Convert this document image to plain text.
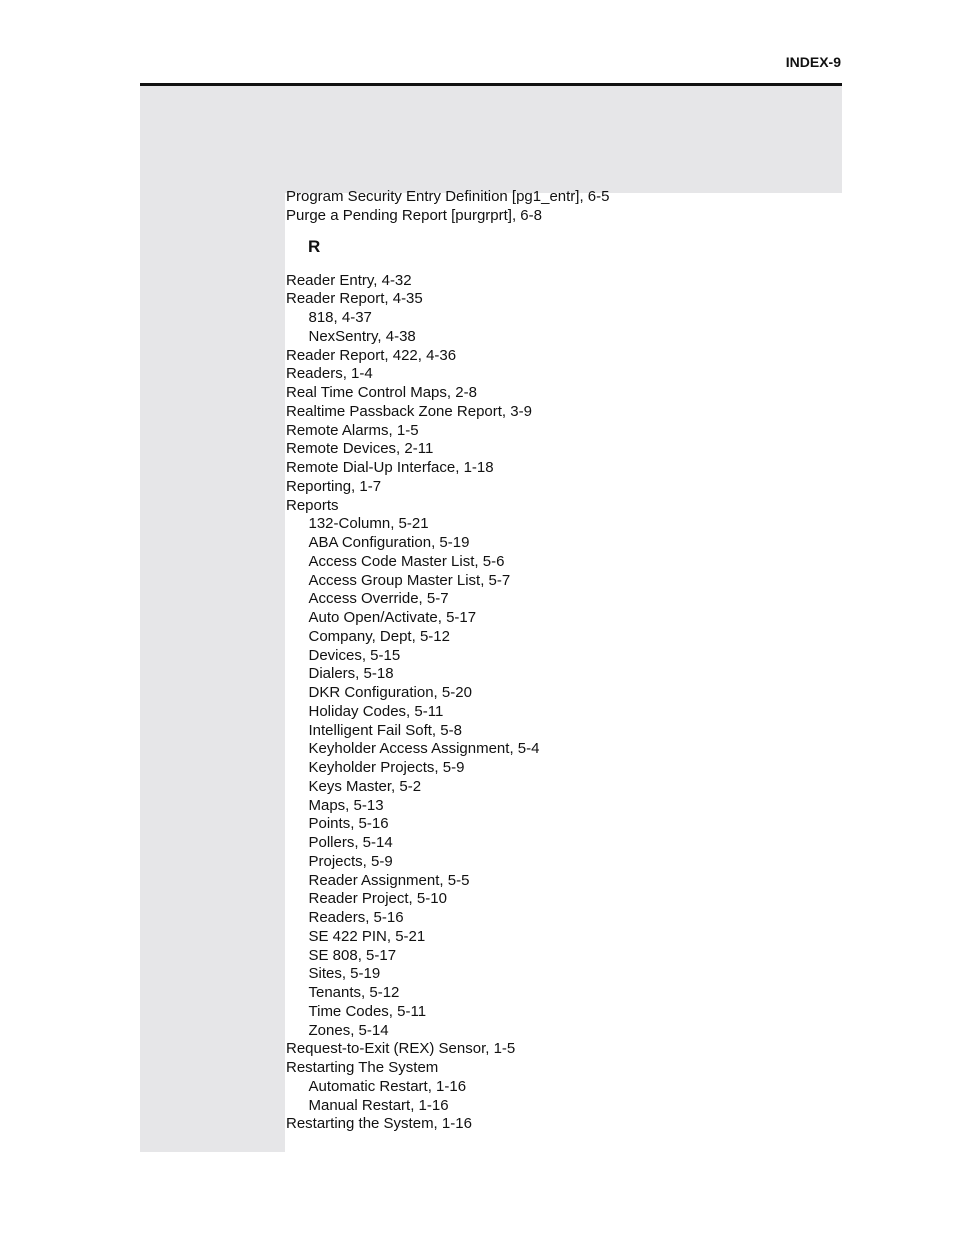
INDEX-9
Program Security Entry Definition [pg1_entr], 6-5
Purge a Pending Report [purgrprt], 6-8
R
Reader Entry, 4-32
Reader Report, 4-35
818, 4-37
NexSentry, 4-38
Reader Report, 422, 4-36
Readers, 1-4
Real Time Control Maps, 2-8
Realtime Passback Zone Report, 3-9
Remote Alarms, 1-5
Remote Devices, 2-11
Remote Dial-Up Interface, 1-18
Reporting, 1-7
Reports
132-Column, 5-21
ABA Configuration, 5-19
Access Code Master List, 5-6
Access Group Master List, 5-7
Access Override, 5-7
Auto Open/Activate, 5-17
Company, Dept, 5-12
Devices, 5-15
Dialers, 5-18
DKR Configuration, 5-20
Holiday Codes, 5-11
Intelligent Fail Soft, 5-8
Keyholder Access Assignment, 5-4
Keyholder Projects, 5-9
Keys Master, 5-2
Maps, 5-13
Points, 5-16
Pollers, 5-14
Projects, 5-9
Reader Assignment, 5-5
Reader Project, 5-10
Readers, 5-16
SE 422 PIN, 5-21
SE 808, 5-17
Sites, 5-19
Tenants, 5-12
Time Codes, 5-11
Zones, 5-14
Request-to-Exit (REX) Sensor, 1-5
Restarting The System
Automatic Restart, 1-16
Manual Restart, 1-16
Restarting the System, 1-16
